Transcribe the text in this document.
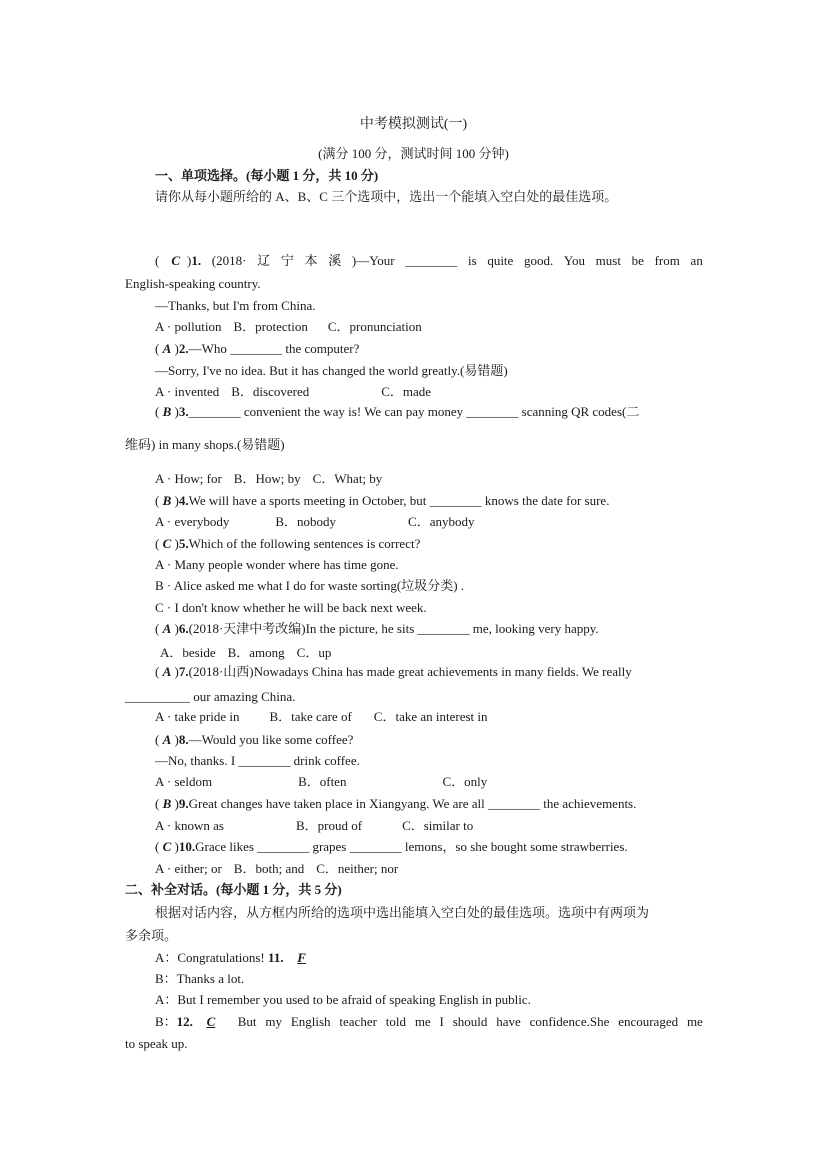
中考模拟测试(一)
(满分 100 分，测试时间 100 分钟)
一、单项选择。(每小题 1 分，共 10 分)
请你从每小题所给的 A、B、C 三个选项中，选出一个能填入空白处的最佳选项。
( C )1. (2018· 辽 宁 本 溪 )—Your ________ is quite good. You must be from an
English-speaking country.
—Thanks, but I'm from China.
A · pollution B．protection C．pronunciation
( A )2.—Who ________ the computer?
—Sorry, I've no idea. But it has changed the world greatly.(易错题)
A · invented B．discovered	C．made
( B )3.________ convenient the way is! We can pay money ________ scanning QR codes(二
维码) in many shops.(易错题)
A · How; for B．How; by C．What; by
( B )4.We will have a sports meeting in October, but ________ knows the date for sure.
A · everybody	B．nobody	C．anybody
( C )5.Which of the following sentences is correct?
A · Many people wonder where has time gone.
B · Alice asked me what I do for waste sorting(垃圾分类) .
C · I don't know whether he will be back next week.
( A )6.(2018·天津中考改编)In the picture, he sits ________ me, looking very happy.
A．beside B．among C．up
( A )7.(2018·山西)Nowadays China has made great achievements in many fields. We really
__________ our amazing China.
A · take pride in B．take care of C．take an interest in
( A )8.—Would you like some coffee?
—No, thanks. I ________ drink coffee.
A · seldom	B．often	C．only
( B )9.Great changes have taken place in Xiangyang. We are all ________ the achievements.
A · known as	B．proud of	C．similar to
( C )10.Grace likes ________ grapes ________ lemons，so she bought some strawberries.
A · either; or B．both; and C．neither; nor
二、补全对话。(每小题 1 分，共 5 分)
根据对话内容，从方框内所给的选项中选出能填入空白处的最佳选项。选项中有两项为
多余项。
A：Congratulations! 11. F
B：Thanks a lot.
A：But I remember you used to be afraid of speaking English in public.
B：12. C	But my English teacher told me I should have confidence.She encouraged me
to speak up.
